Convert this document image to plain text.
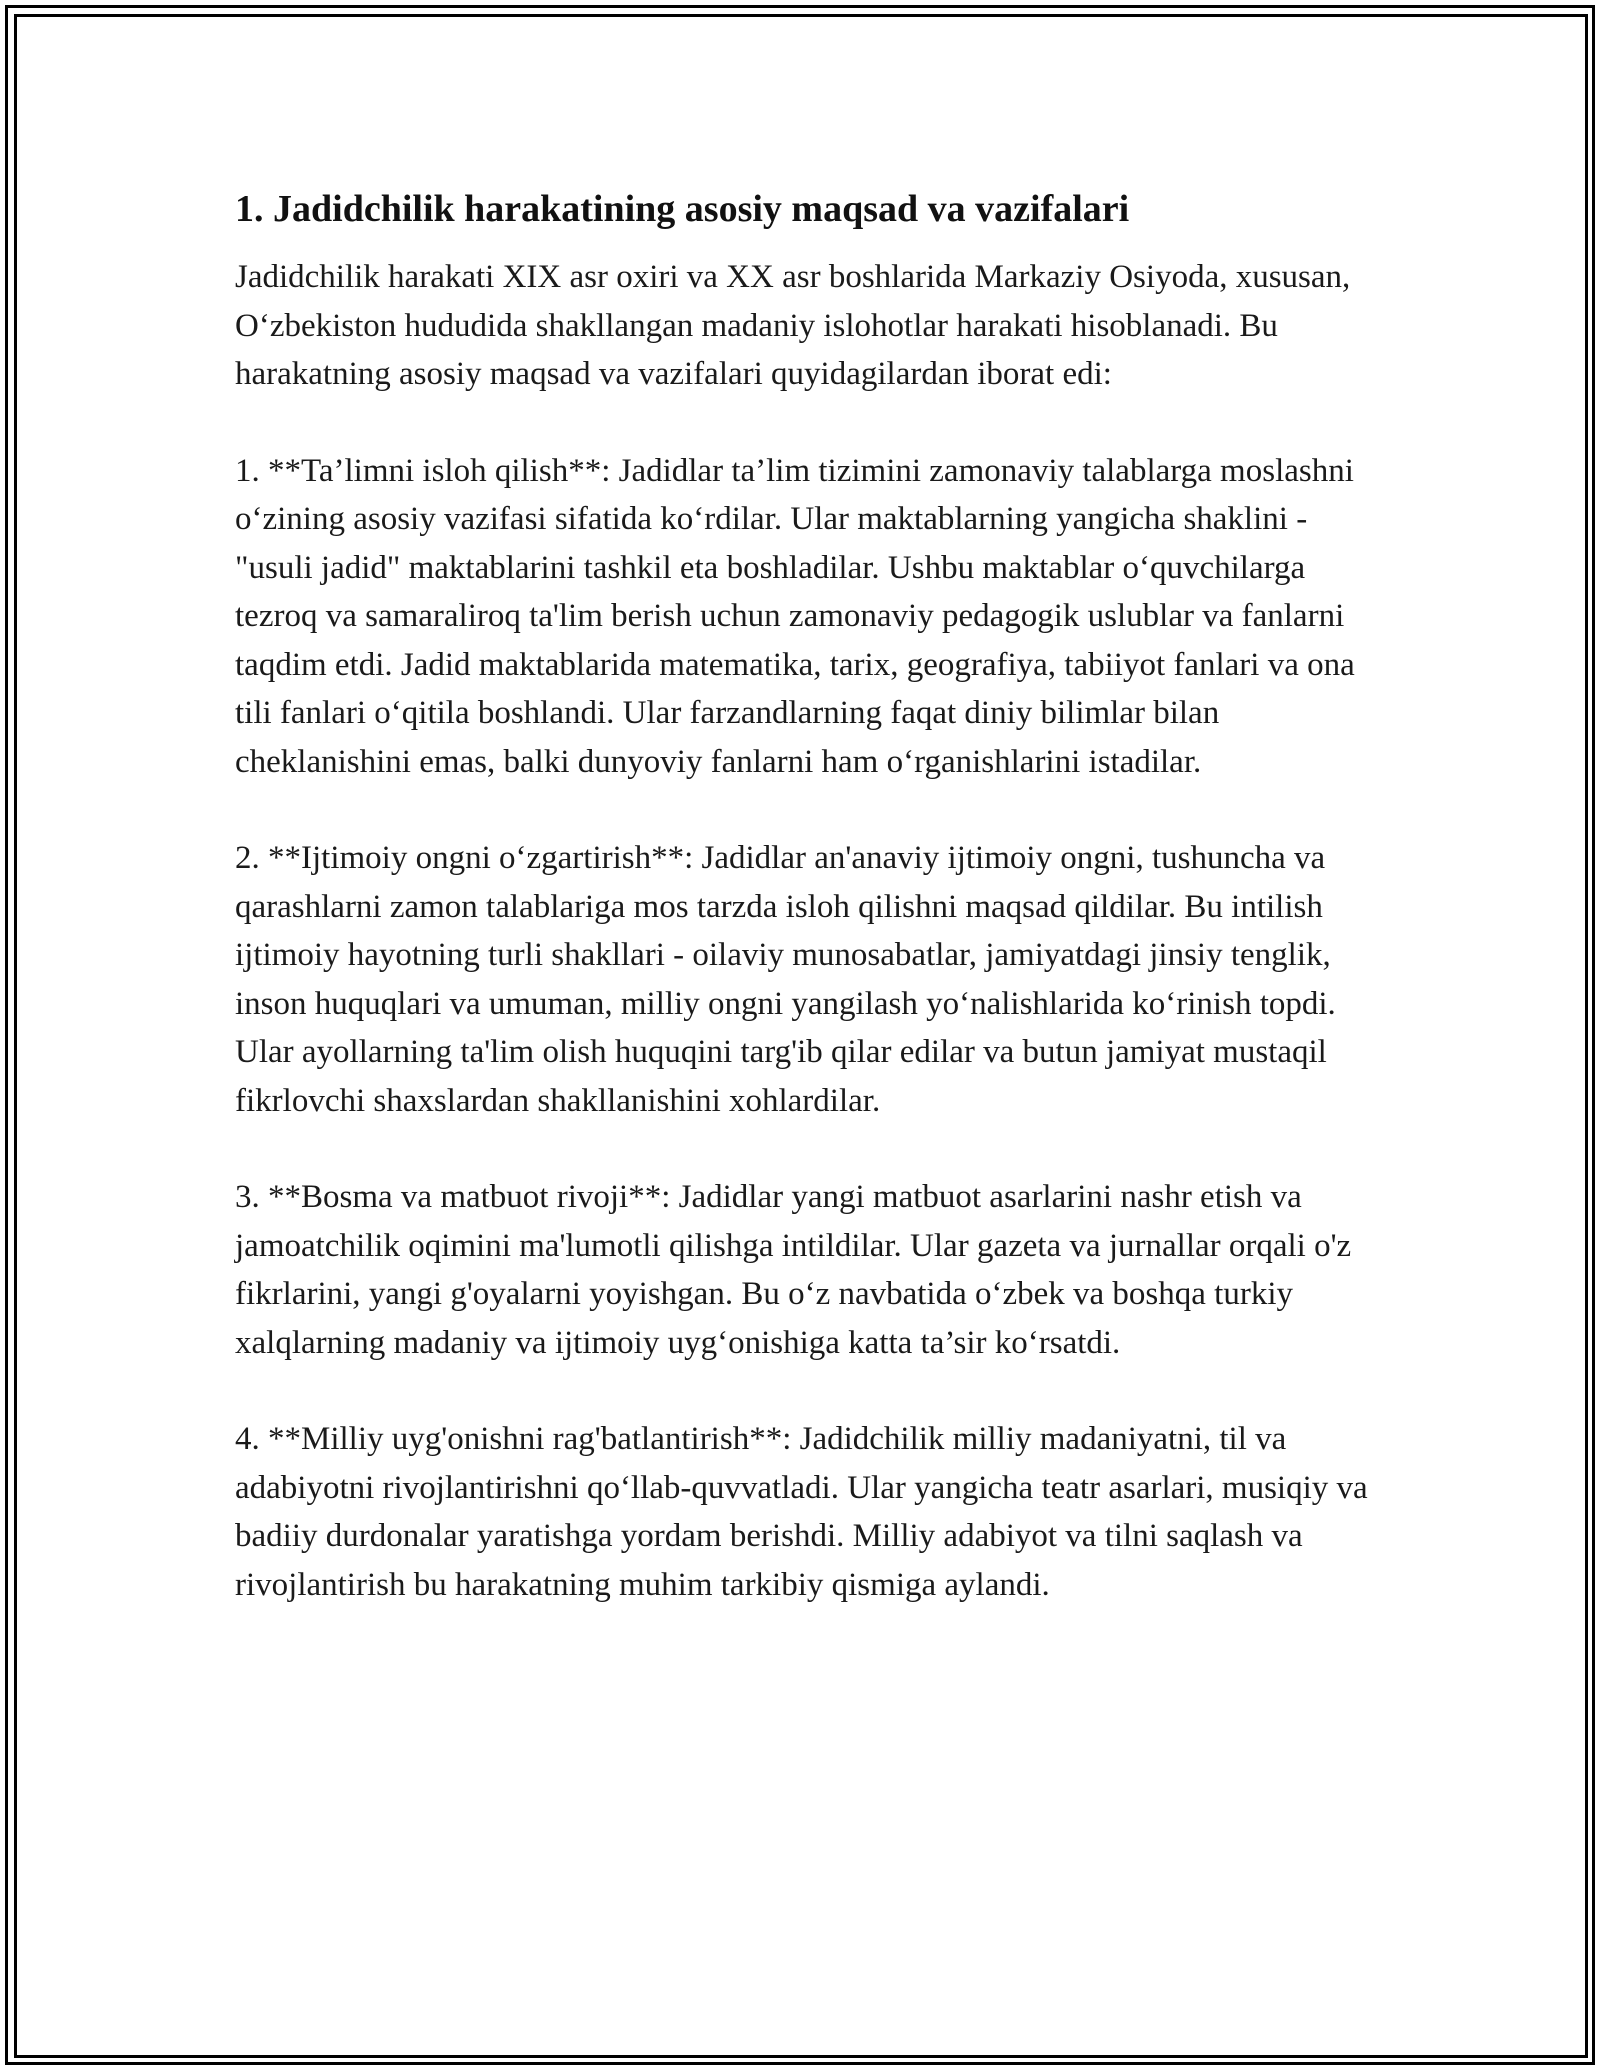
1. Jadidchilik harakatining asosiy maqsad va vazifalari

Jadidchilik harakati XIX asr oxiri va XX asr boshlarida Markaziy Osiyoda, xususan, O‘zbekiston hududida shakllangan madaniy islohotlar harakati hisoblanadi. Bu harakatning asosiy maqsad va vazifalari quyidagilardan iborat edi:

1. **Ta’limni isloh qilish**: Jadidlar ta’lim tizimini zamonaviy talablarga moslashni o‘zining asosiy vazifasi sifatida ko‘rdilar. Ular maktablarning yangicha shaklini - "usuli jadid" maktablarini tashkil eta boshladilar. Ushbu maktablar o‘quvchilarga tezroq va samaraliroq ta'lim berish uchun zamonaviy pedagogik uslublar va fanlarni taqdim etdi. Jadid maktablarida matematika, tarix, geografiya, tabiiyot fanlari va ona tili fanlari o‘qitila boshlandi. Ular farzandlarning faqat diniy bilimlar bilan cheklanishini emas, balki dunyoviy fanlarni ham o‘rganishlarini istadilar.

2. **Ijtimoiy ongni o‘zgartirish**: Jadidlar an'anaviy ijtimoiy ongni, tushuncha va qarashlarni zamon talablariga mos tarzda isloh qilishni maqsad qildilar. Bu intilish ijtimoiy hayotning turli shakllari - oilaviy munosabatlar, jamiyatdagi jinsiy tenglik, inson huquqlari va umuman, milliy ongni yangilash yo‘nalishlarida ko‘rinish topdi. Ular ayollarning ta'lim olish huquqini targ'ib qilar edilar va butun jamiyat mustaqil fikrlovchi shaxslardan shakllanishini xohlardilar.

3. **Bosma va matbuot rivoji**: Jadidlar yangi matbuot asarlarini nashr etish va jamoatchilik oqimini ma'lumotli qilishga intildilar. Ular gazeta va jurnallar orqali o'z fikrlarini, yangi g'oyalarni yoyishgan. Bu o‘z navbatida o‘zbek va boshqa turkiy xalqlarning madaniy va ijtimoiy uyg‘onishiga katta ta’sir ko‘rsatdi.

4. **Milliy uyg'onishni rag'batlantirish**: Jadidchilik milliy madaniyatni, til va adabiyotni rivojlantirishni qo‘llab-quvvatladi. Ular yangicha teatr asarlari, musiqiy va badiiy durdonalar yaratishga yordam berishdi. Milliy adabiyot va tilni saqlash va rivojlantirish bu harakatning muhim tarkibiy qismiga aylandi.
